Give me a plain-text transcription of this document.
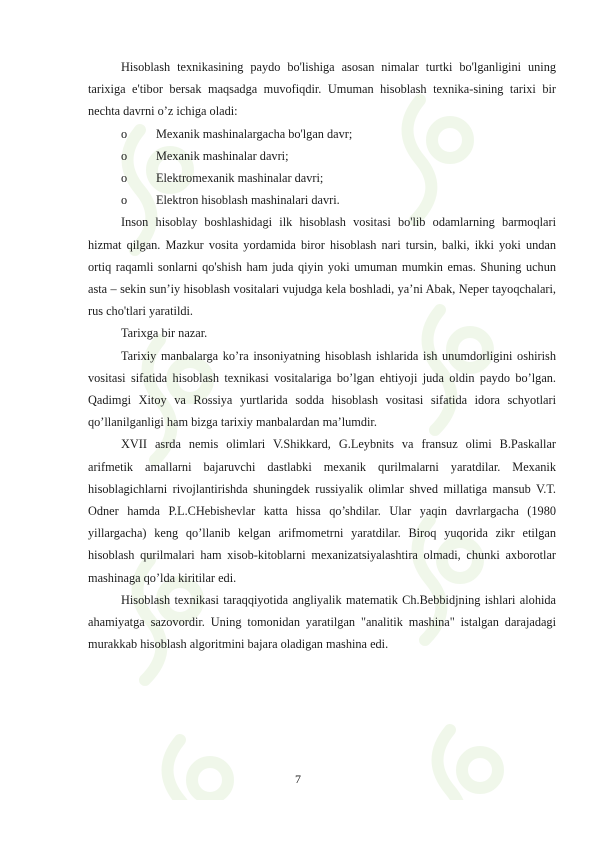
Hisoblash texnikasining paydo bo'lishiga asosan nimalar turtki bo'lganligini uning tarixiga e'tibor bersak maqsadga muvofiqdir. Umuman hisoblash texnika-sining tarixi bir nechta davrni o’z ichiga oladi:

o	Mexanik mashinalargacha bo'lgan davr;
o	Mexanik mashinalar davri;
o	Elektromexanik mashinalar davri;
o	Elektron hisoblash mashinalari davri.

Inson hisoblay boshlashidagi ilk hisoblash vositasi bo'lib odamlarning barmoqlari hizmat qilgan. Mazkur vosita yordamida biror hisoblash nari tursin, balki, ikki yoki undan ortiq raqamli sonlarni qo'shish ham juda qiyin yoki umuman mumkin emas. Shuning uchun asta – sekin sun’iy hisoblash vositalari vujudga kela boshladi, ya’ni Abak, Neper tayoqchalari, rus cho'tlari yaratildi.

Tarixga bir nazar.

Tarixiy manbalarga ko’ra insoniyatning hisoblash ishlarida ish unumdorligini oshirish vositasi sifatida hisoblash texnikasi vositalariga bo’lgan ehtiyoji juda oldin paydo bo’lgan. Qadimgi Xitoy va Rossiya yurtlarida sodda hisoblash vositasi sifatida idora schyotlari qo’llanilganligi ham bizga tarixiy manbalardan ma’lumdir.

XVII asrda nemis olimlari V.Shikkard, G.Leybnits va fransuz olimi B.Paskallar arifmetik amallarni bajaruvchi dastlabki mexanik qurilmalarni yaratdilar. Mexanik hisoblagichlarni rivojlantirishda shuningdek russiyalik olimlar shved millatiga mansub V.T. Odner hamda P.L.CHebishevlar katta hissa qo’shdilar. Ular yaqin davrlargacha (1980 yillargacha) keng qo’llanib kelgan arifmometrni yaratdilar. Biroq yuqorida zikr etilgan hisoblash qurilmalari ham xisob-kitoblarni mexanizatsiyalashtira olmadi, chunki axborotlar mashinaga qo’lda kiritilar edi.

Hisoblash texnikasi taraqqiyotida angliyalik matematik Ch.Bebbidjning ishlari alohida ahamiyatga sazovordir. Uning tomonidan yaratilgan "analitik mashina" istalgan darajadagi murakkab hisoblash algoritmini bajara oladigan mashina edi.

7
